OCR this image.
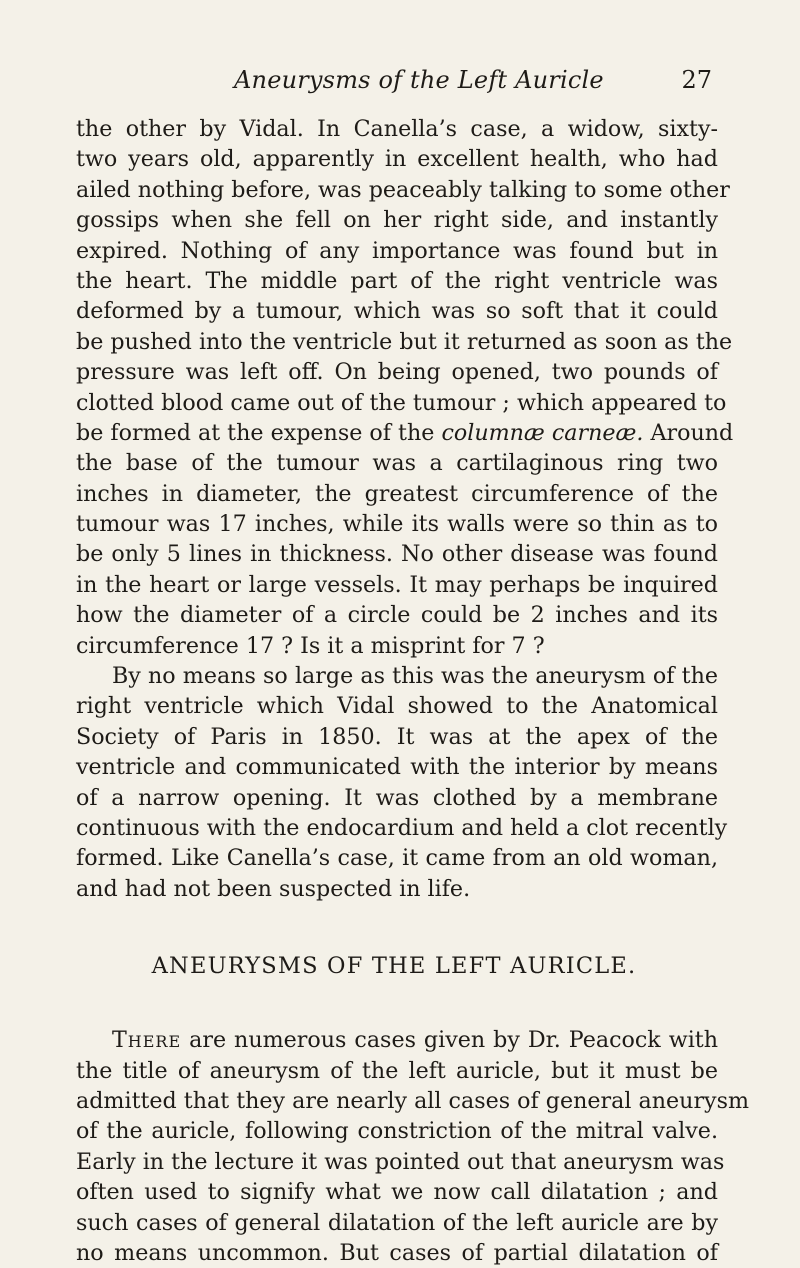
Aneurysms of the Left Auricle	27
the other by Vidal. In Canella’s case, a widow, sixty-
two years old, apparently in excellent health, who had
ailed nothing before, was peaceably talking to some other
gossips when she fell on her right side, and instantly
expired. Nothing of any importance was found but in
the heart. The middle part of the right ventricle was
deformed by a tumour, which was so soft that it could
be pushed into the ventricle but it returned as soon as the
pressure was left off. On being opened, two pounds of
clotted blood came out of the tumour ; which appeared to
be formed at the expense of the columnæ carneæ. Around
the base of the tumour was a cartilaginous ring two
inches in diameter, the greatest circumference of the
tumour was 17 inches, while its walls were so thin as to
be only 5 lines in thickness. No other disease was found
in the heart or large vessels. It may perhaps be inquired
how the diameter of a circle could be 2 inches and its
circumference 17 ? Is it a misprint for 7 ?
By no means so large as this was the aneurysm of the
right ventricle which Vidal showed to the Anatomical
Society of Paris in 1850. It was at the apex of the
ventricle and communicated with the interior by means
of a narrow opening. It was clothed by a membrane
continuous with the endocardium and held a clot recently
formed. Like Canella’s case, it came from an old woman,
and had not been suspected in life.
ANEURYSMS OF THE LEFT AURICLE.
There are numerous cases given by Dr. Peacock with
the title of aneurysm of the left auricle, but it must be
admitted that they are nearly all cases of general aneurysm
of the auricle, following constriction of the mitral valve.
Early in the lecture it was pointed out that aneurysm was
often used to signify what we now call dilatation ; and
such cases of general dilatation of the left auricle are by
no means uncommon. But cases of partial dilatation of
